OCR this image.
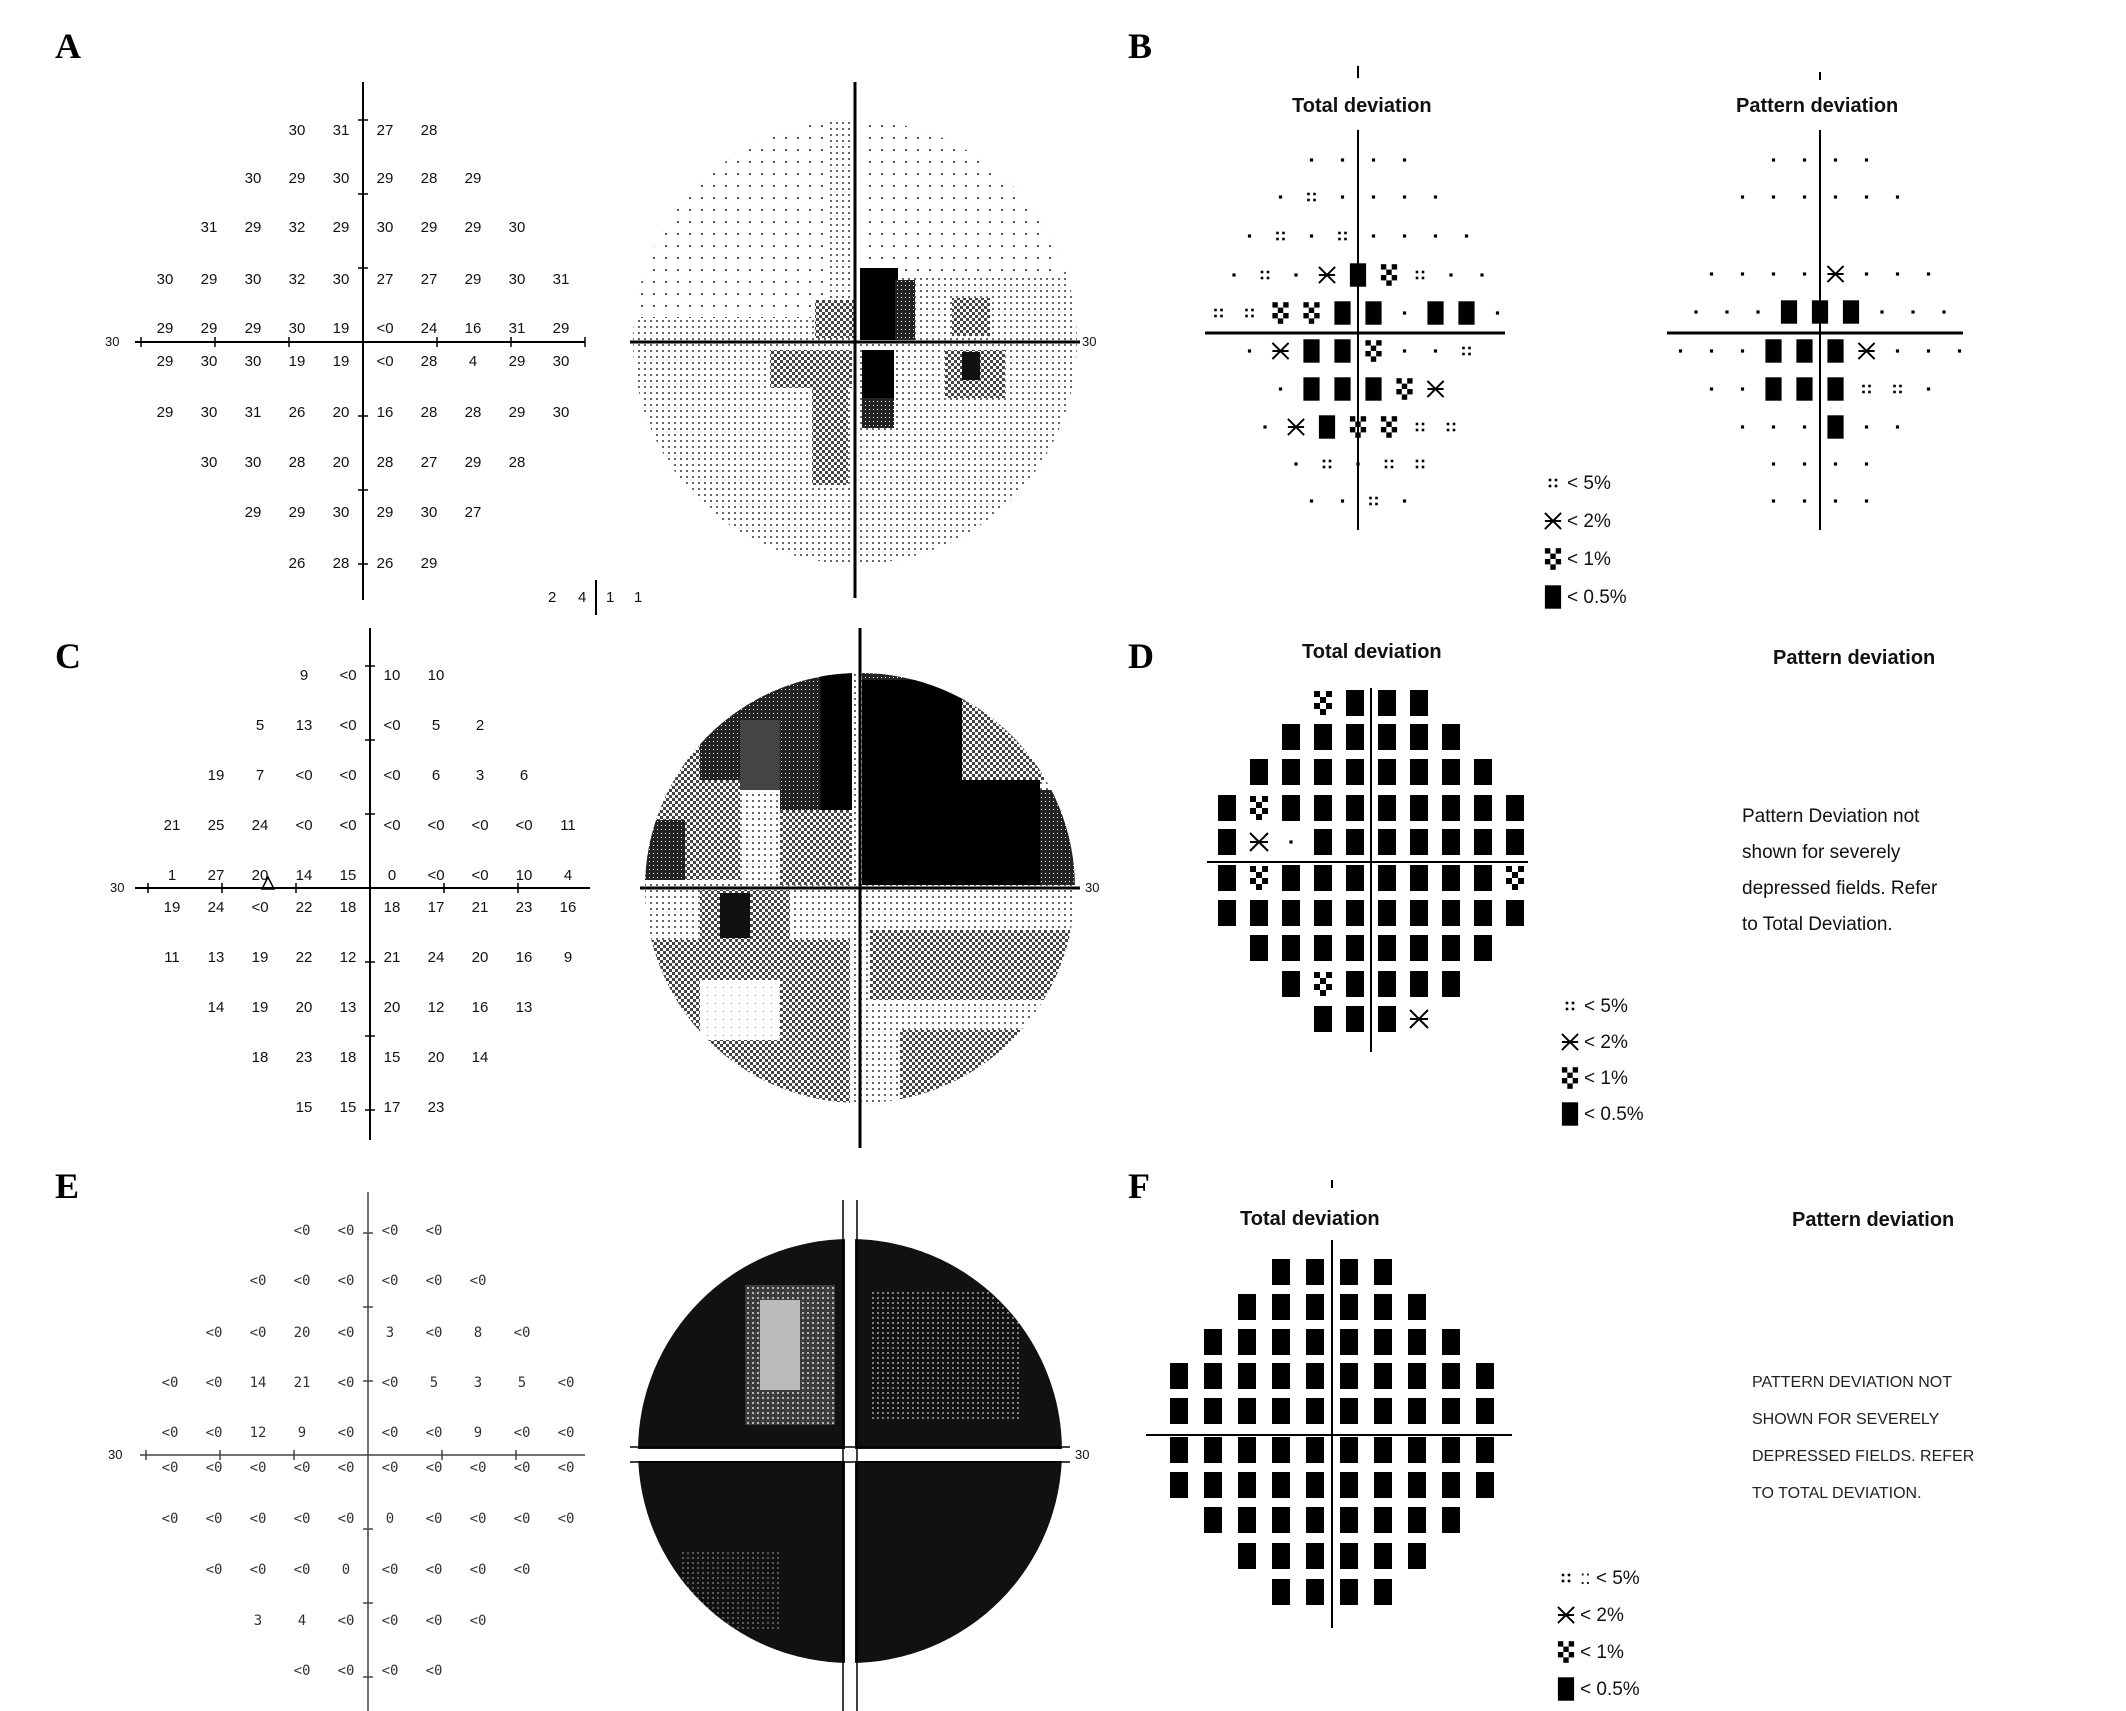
A	B
C	D
E	F
30
30 31 27 28
30 29 30 29 28 29
31 29 32 29 30 29 29 30
30 29 30 32 30 27 27 29 30 31
29 29 29 30 19 <0 24 16 31 29
29 30 30 19 19 <0 28 4 29 30
29 30 31 26 20 16 28 28 29 30
30 30 28 20 28 27 29 28
29 29 30 29 30 27
26 28 26 29
2 4 1 1
30
9 <0 10 10
5 13 <0 <0 5 2
19 7 <0 <0 <0 6 3 6
21 25 24 <0 <0 <0 <0 <0 <0 11
1 27 20 14 15 0 <0 <0 10 4
19 24 <0 22 18 18 17 21 23 16
11 13 19 22 12 21 24 20 16 9
14 19 20 13 20 12 16 13
18 23 18 15 20 14
15 15 17 23
30
<0 <0 <0 <0
<0 <0 <0 <0 <0 <0
<0 <0 20 <0 3 <0 8 <0
<0 <0 14 21 <0 <0 5	3	5 <0
<0 <0 12 9 <0 <0 <0 9 <0 <0
<0 <0 <0 <0 <0 <0 <0 <0 <0 <0
<0 <0 <0 <0 <0 0 <0 <0 <0 <0
<0 <0 <0 0 <0 <0 <0 <0
3	4 <0 <0 <0 <0
<0 <0 <0 <0
30
30
30
Total deviation	Pattern deviation
< 5%
< 2%
< 1%
< 0.5%
Total deviation	Pattern deviation
Pattern Deviation not
shown for severely
depressed fields. Refer
to Total Deviation.
< 5%
< 2%
< 1%
< 0.5%
Total deviation	Pattern deviation
PATTERN DEVIATION NOT
SHOWN FOR SEVERELY
DEPRESSED FIELDS. REFER
TO TOTAL DEVIATION.
:: < 5%
< 2%
< 1%
< 0.5%
